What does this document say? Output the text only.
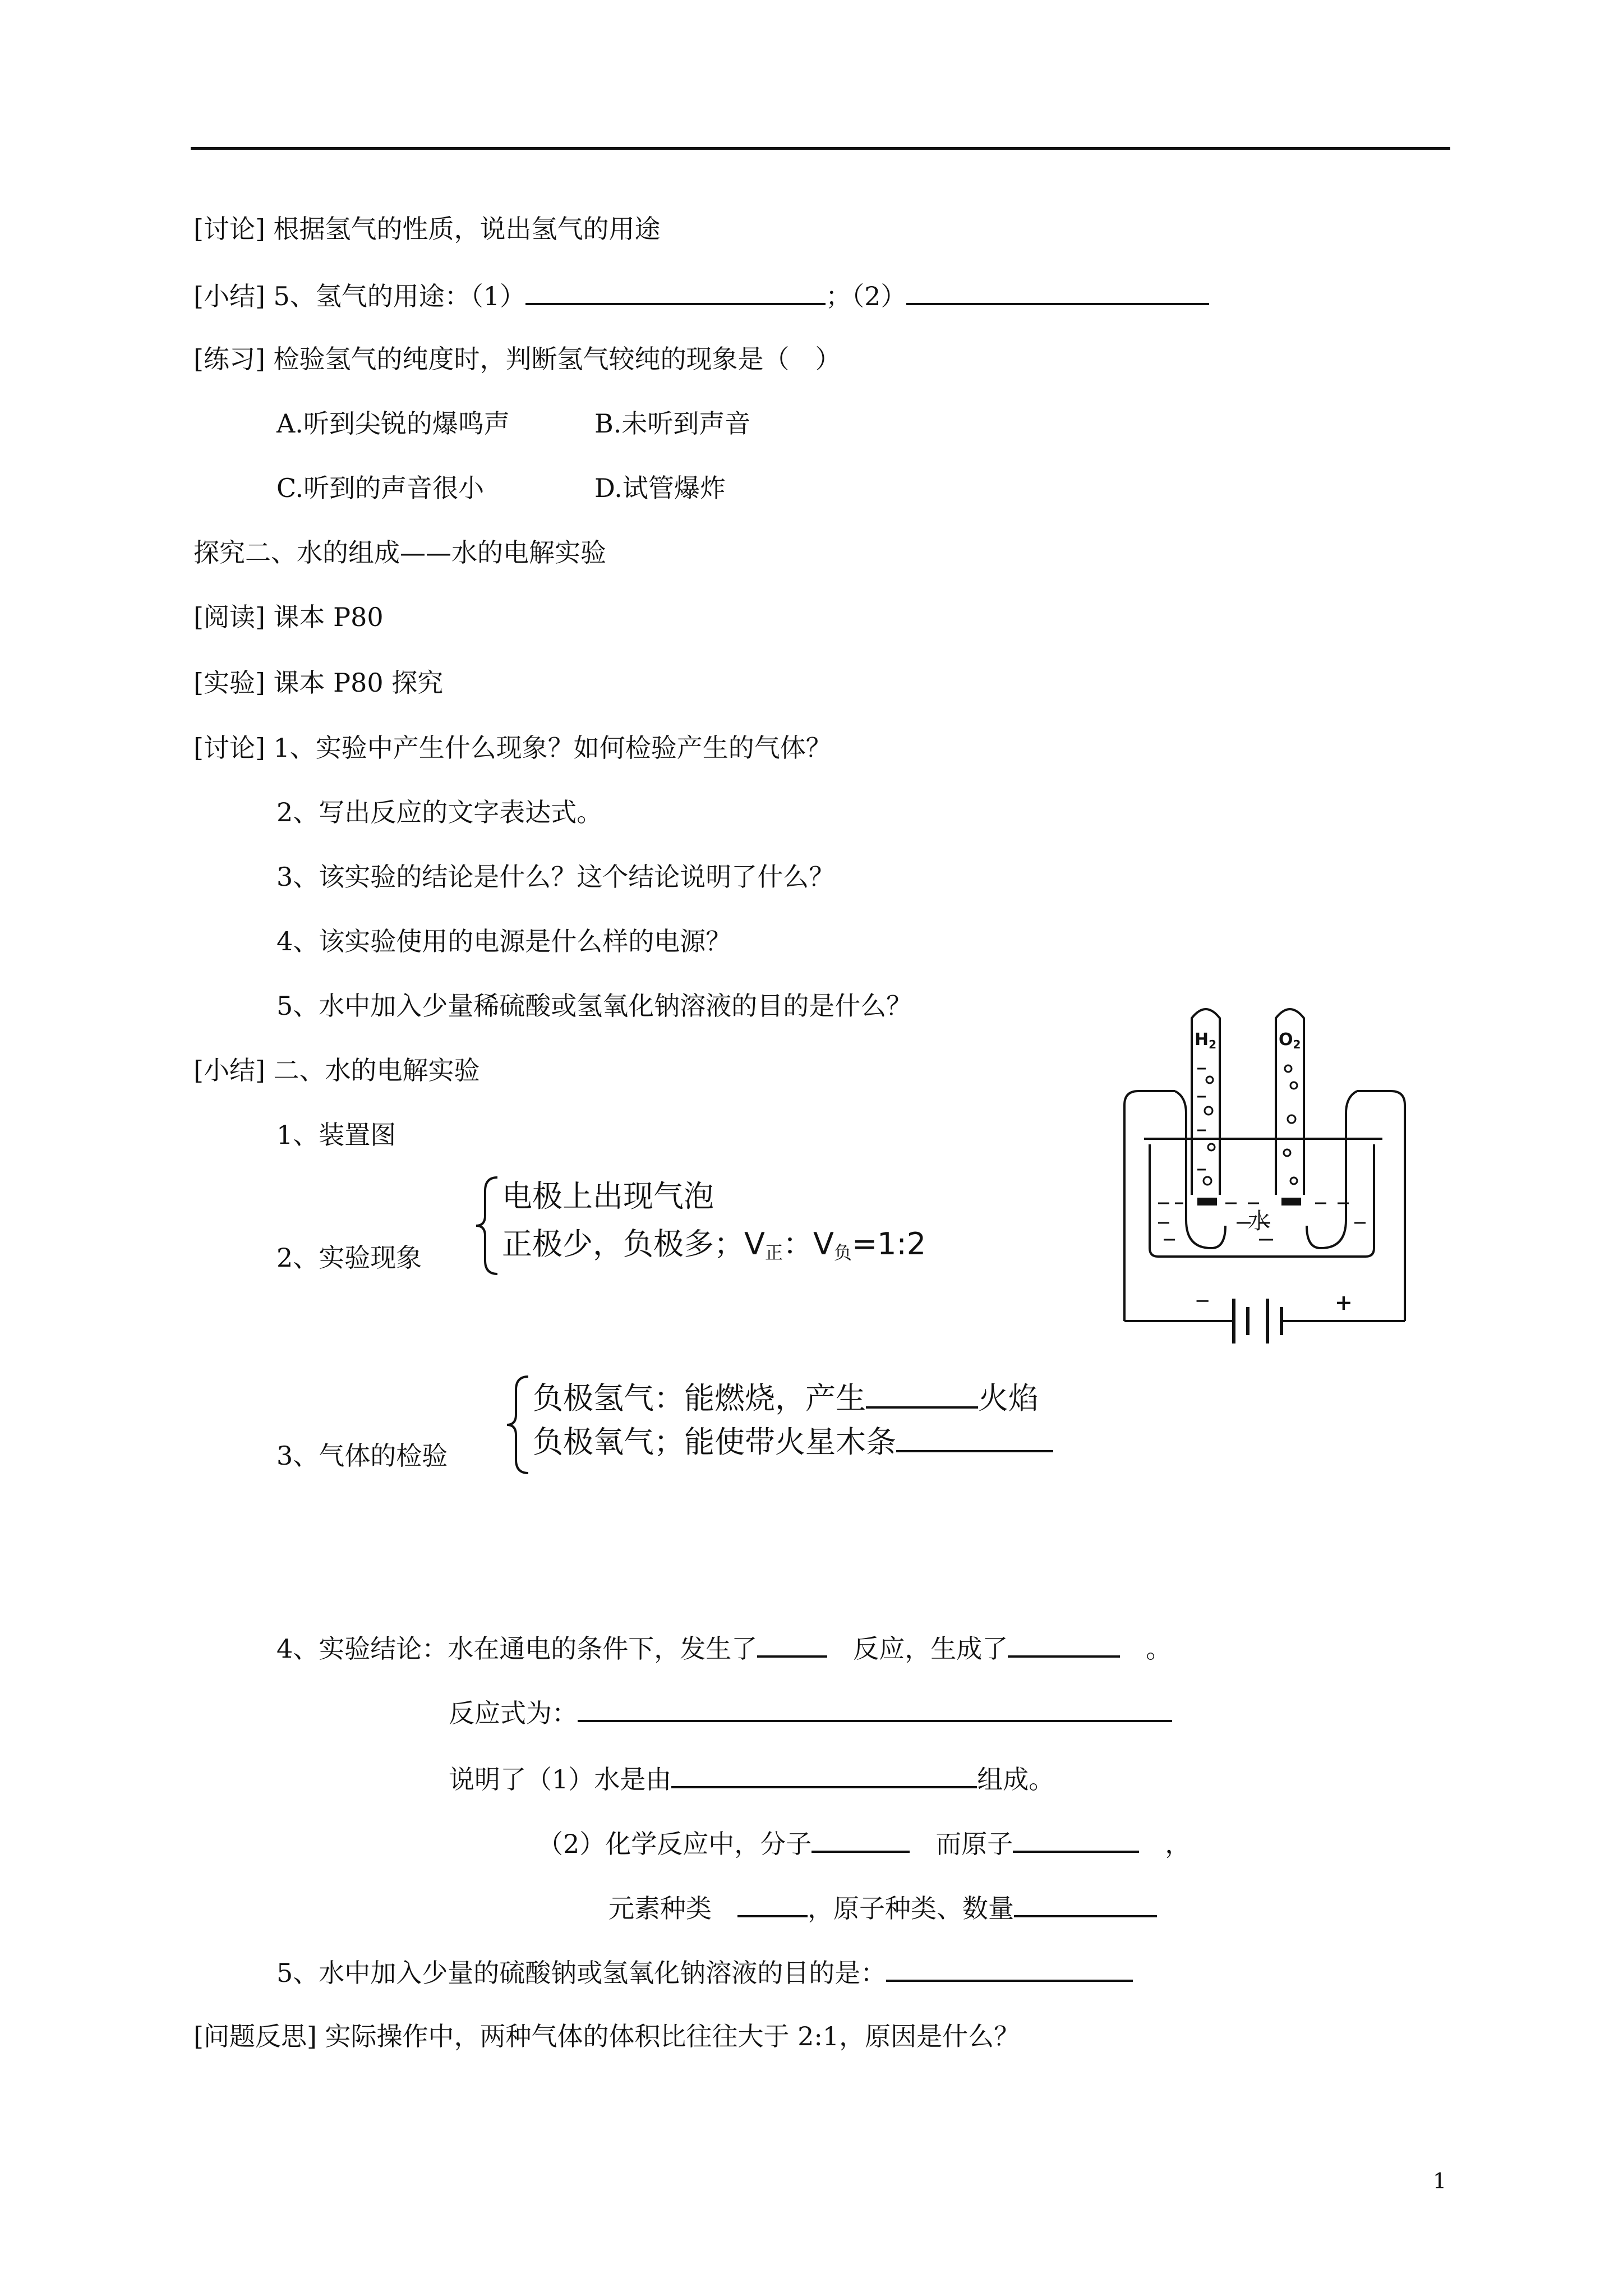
[讨论] 根据氢气的性质，说出氢气的用途
[小结] 5、氢气的用途：（1）	；（2）
[练习] 检验氢气的纯度时，判断氢气较纯的现象是（　）
A.听到尖锐的爆鸣声	B.未听到声音
C.听到的声音很小	D.试管爆炸
探究二、水的组成——水的电解实验
[阅读] 课本 P80
[实验] 课本 P80 探究
[讨论] 1、实验中产生什么现象？如何检验产生的气体？
2、写出反应的文字表达式。
3、该实验的结论是什么？这个结论说明了什么？
4、该实验使用的电源是什么样的电源？
5、水中加入少量稀硫酸或氢氧化钠溶液的目的是什么？
[小结] 二、水的电解实验
1、装置图
电极上出现气泡
正极少，负极多；$V_正$：$V_负=1:2$
2、实验现象
负极氢气：能燃烧，产生	火焰
负极氧气；能使带火星木条
3、气体的检验
4、实验结论：水在通电的条件下，发生了　	反应，生成了　	。
反应式为：
说明了（1）水是由	组成。
（2）化学反应中，分子　	而原子　	，
元素种类　	，原子种类、数量
5、水中加入少量的硫酸钠或氢氧化钠溶液的目的是：
[问题反思] 实际操作中，两种气体的体积比往往大于 2:1，原因是什么？
$H_2$	$O_2$
水
−	+
1
